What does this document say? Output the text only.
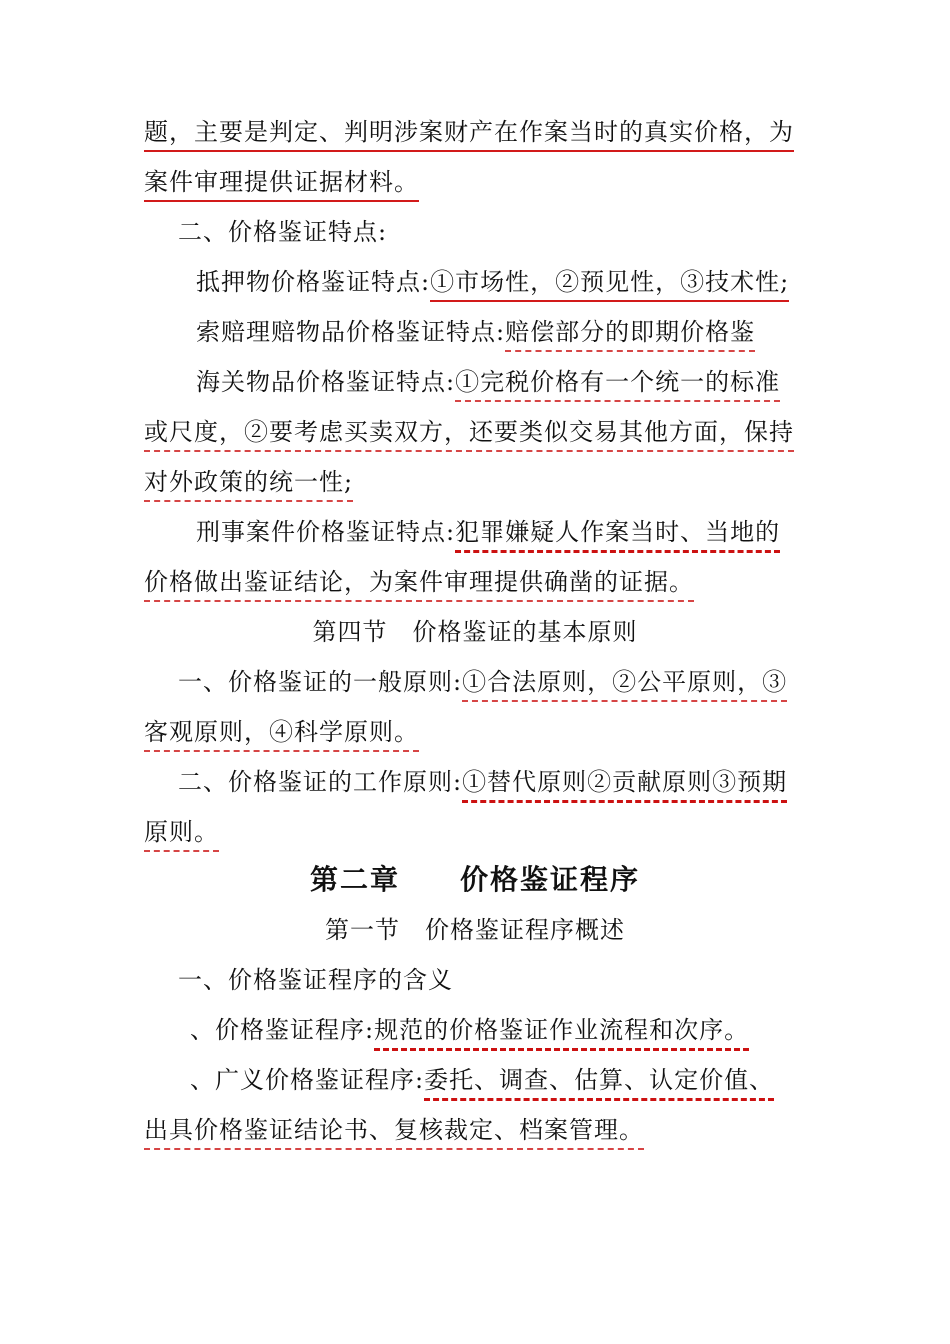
题，主要是判定、判明涉案财产在作案当时的真实价格，为
案件审理提供证据材料。
二、价格鉴证特点:
抵押物价格鉴证特点:①市场性，②预见性，③技术性;
索赔理赔物品价格鉴证特点:赔偿部分的即期价格鉴
海关物品价格鉴证特点:①完税价格有一个统一的标准
或尺度，②要考虑买卖双方，还要类似交易其他方面，保持
对外政策的统一性;
刑事案件价格鉴证特点:犯罪嫌疑人作案当时、当地的
价格做出鉴证结论，为案件审理提供确凿的证据。
第四节　价格鉴证的基本原则
一、价格鉴证的一般原则:①合法原则，②公平原则，③
客观原则，④科学原则。
二、价格鉴证的工作原则:①替代原则②贡献原则③预期
原则。
第二章　　价格鉴证程序
第一节　价格鉴证程序概述
一、价格鉴证程序的含义
、价格鉴证程序:规范的价格鉴证作业流程和次序。
、广义价格鉴证程序:委托、调查、估算、认定价值、
出具价格鉴证结论书、复核裁定、档案管理。
